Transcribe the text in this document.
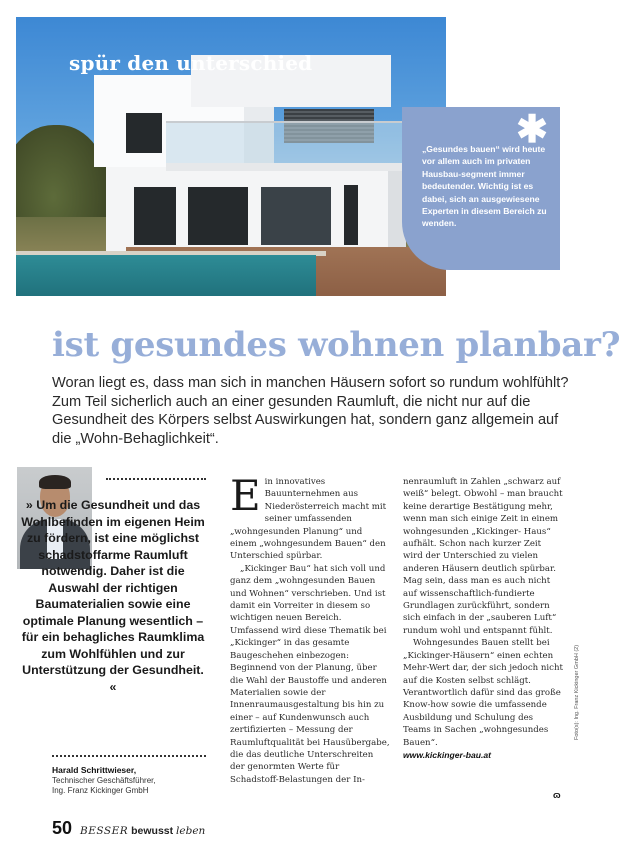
spür den unterschied
✱
„Gesundes bauen“ wird heute vor allem auch im privaten Hausbau-segment immer bedeutender. Wichtig ist es dabei, sich an ausgewiesene Experten in diesem Bereich zu wenden.
ist gesundes wohnen planbar?

Woran liegt es, dass man sich in manchen Häusern sofort so rundum wohlfühlt? Zum Teil sicherlich auch an einer gesunden Raumluft, die nicht nur auf die Gesundheit des Körpers selbst Auswirkungen hat, sondern ganz allgemein auf die „Wohn-Behaglichkeit“.

» Um die Gesundheit und das Wohlbefinden im eigenen Heim zu fördern, ist eine möglichst schadstoffarme Raumluft notwendig. Daher ist die Auswahl der richtigen Baumaterialien sowie eine optimale Planung wesentlich – für ein behagliches Raumklima zum Wohlfühlen und zur Unterstützung der Gesundheit. «

Harald Schrittwieser,
Technischer Geschäftsführer,
Ing. Franz Kickinger GmbH
E in innovatives Bauunternehmen aus Niederösterreich macht mit seiner umfassenden „wohngesunden Planung“ und einem „wohngesundem Bauen“ den Unterschied spürbar.

„Kickinger Bau“ hat sich voll und ganz dem „wohngesunden Bauen und Wohnen“ verschrieben. Und ist damit ein Vorreiter in diesem so wichtigen neuen Bereich. Umfassend wird diese Thematik bei „Kickinger“ in das gesamte Baugeschehen einbezogen: Beginnend von der Planung, über die Wahl der Baustoffe und anderen Materialien sowie der Innenraumausgestaltung bis hin zu einer – auf Kundenwunsch auch zertifizierten – Messung der Raumluftqualität bei Hausübergabe, die das deutliche Unterschreiten der genormten Werte für Schadstoff-Belastungen der In-

nenraumluft in Zahlen „schwarz auf weiß“ belegt. Obwohl – man braucht keine derartige Bestätigung mehr, wenn man sich einige Zeit in einem wohngesunden „Kickinger- Haus“ aufhält. Schon nach kurzer Zeit wird der Unterschied zu vielen anderen Häusern deutlich spürbar. Mag sein, dass man es auch nicht auf wissenschaftlich-fundierte Grundlagen zurückführt, sondern sich einfach in der „sauberen Luft“ rundum wohl und entspannt fühlt.

Wohngesundes Bauen stellt bei „Kickinger-Häusern“ einen echten Mehr-Wert dar, der sich jedoch nicht auf die Kosten selbst schlägt. Verantwortlich dafür sind das große Know-how sowie die umfassende Ausbildung und Schulung des Teams in Sachen „wohngesundes Bauen“.

www.kickinger-bau.at

ɷ
Foto(s): Ing. Franz Kickinger GmbH (2)
50 BESSER bewusst leben
